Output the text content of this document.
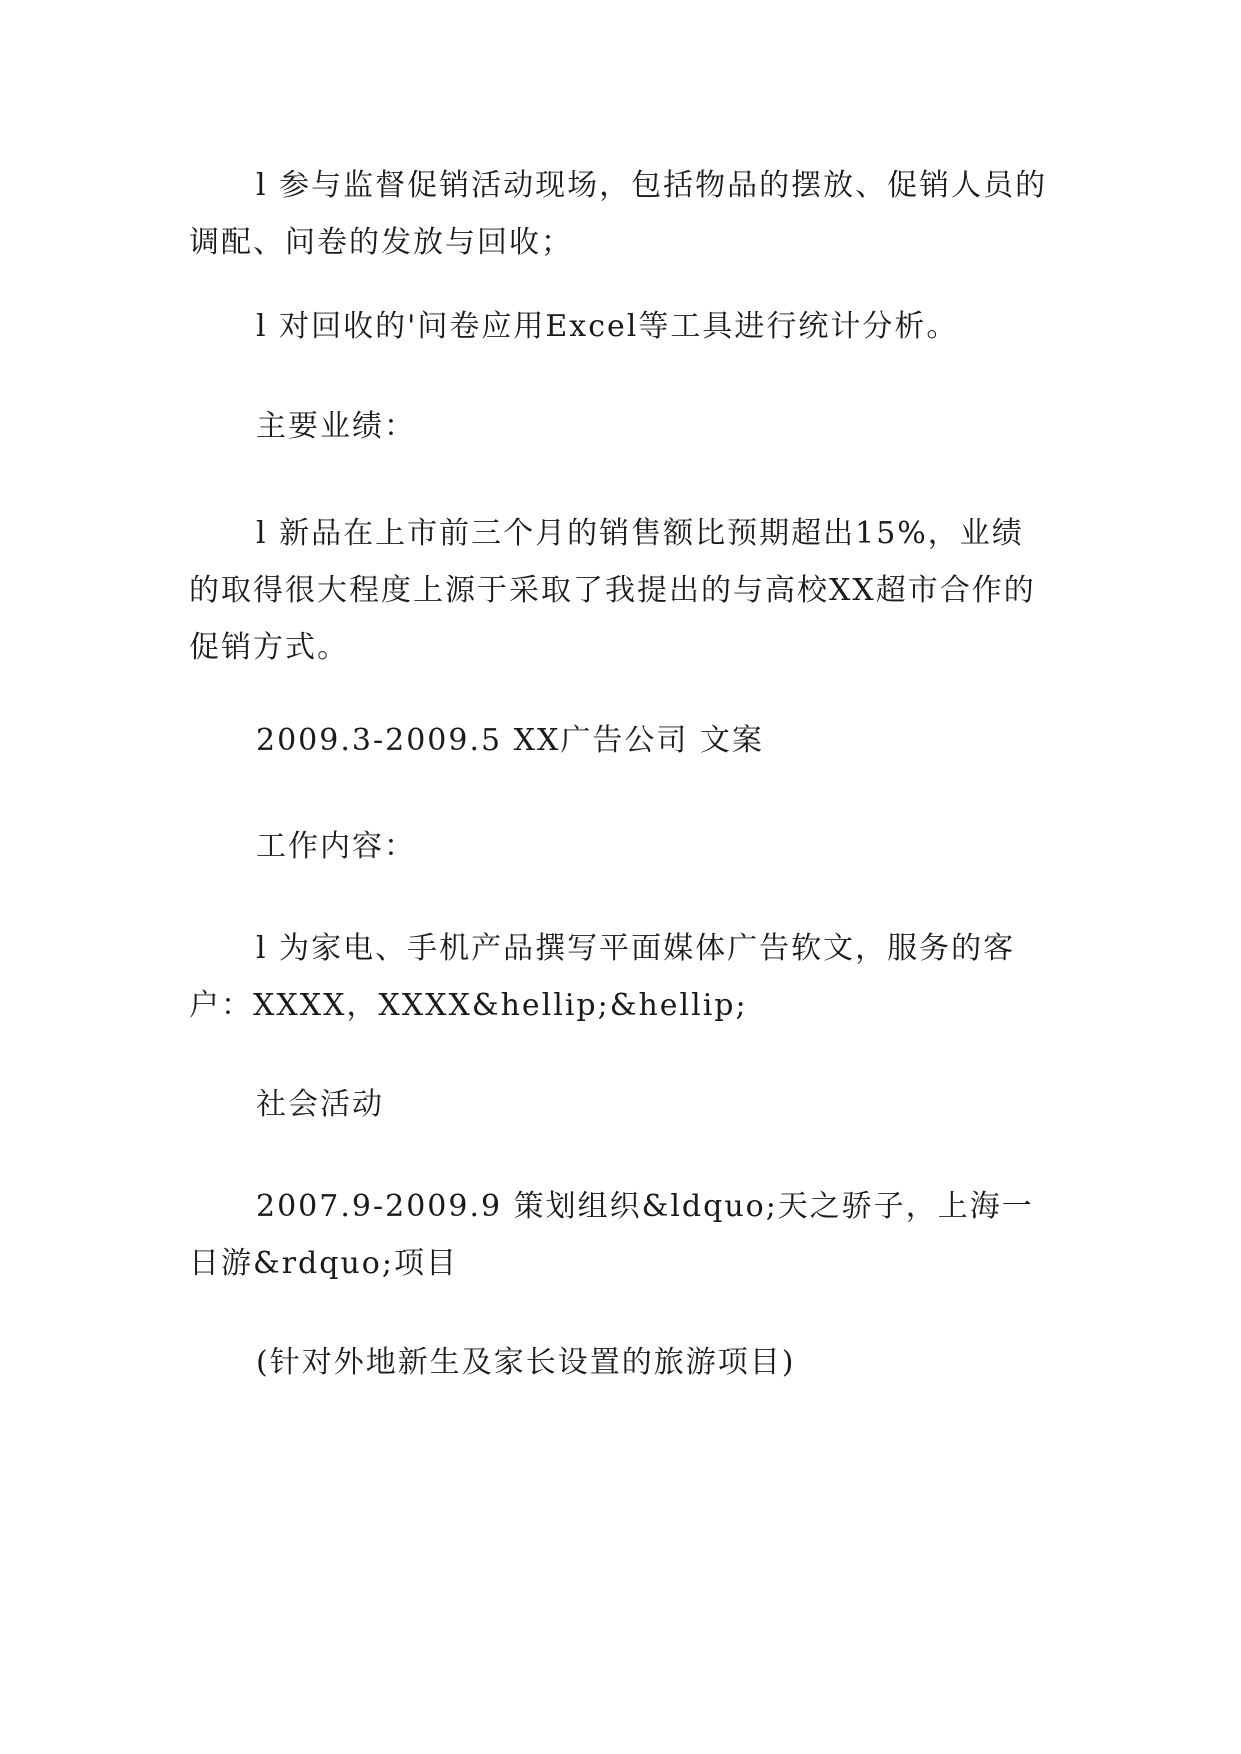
l 参与监督促销活动现场，包括物品的摆放、促销人员的调配、问卷的发放与回收；

l 对回收的'问卷应用Excel等工具进行统计分析。

主要业绩：

l 新品在上市前三个月的销售额比预期超出15%，业绩的取得很大程度上源于采取了我提出的与高校XX超市合作的促销方式。

2009.3-2009.5 XX广告公司 文案

工作内容：

l 为家电、手机产品撰写平面媒体广告软文，服务的客户：XXXX，XXXX&hellip;&hellip;

社会活动

2007.9-2009.9 策划组织&ldquo;天之骄子，上海一日游&rdquo;项目

(针对外地新生及家长设置的旅游项目)
